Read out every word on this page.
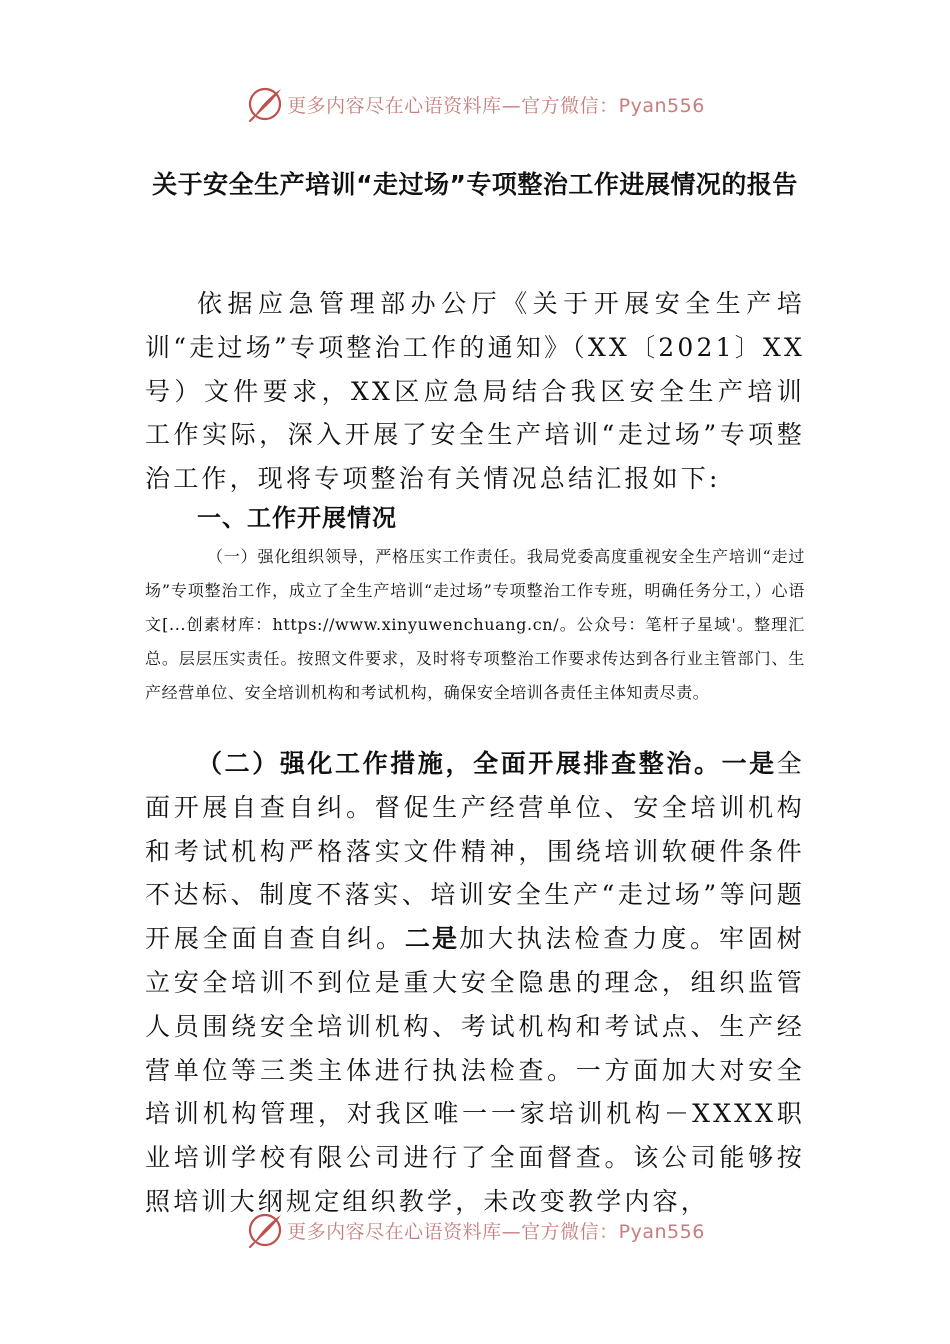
更多内容尽在心语资料库—官方微信：Pyan556
关于安全生产培训“走过场”专项整治工作进展情况的报告

依据应急管理部办公厅《关于开展安全生产培训“走过场”专项整治工作的通知》（XX〔2021〕XX号）文件要求，XX区应急局结合我区安全生产培训工作实际，深入开展了安全生产培训“走过场”专项整治工作，现将专项整治有关情况总结汇报如下:

一、工作开展情况

（一）强化组织领导，严格压实工作责任。我局党委高度重视安全生产培训“走过场”专项整治工作，成立了全生产培训“走过场”专项整治工作专班，明确任务分工，）心语文[...创素材库：https://www.xinyuwenchuang.cn/。公众号：笔杆子星域'。整理汇总。层层压实责任。按照文件要求，及时将专项整治工作要求传达到各行业主管部门、生产经营单位、安全培训机构和考试机构，确保安全培训各责任主体知责尽责。

（二）强化工作措施，全面开展排查整治。一是全面开展自查自纠。督促生产经营单位、安全培训机构和考试机构严格落实文件精神，围绕培训软硬件条件不达标、制度不落实、培训安全生产“走过场”等问题开展全面自查自纠。二是加大执法检查力度。牢固树立安全培训不到位是重大安全隐患的理念，组织监管人员围绕安全培训机构、考试机构和考试点、生产经营单位等三类主体进行执法检查。一方面加大对安全培训机构管理，对我区唯一一家培训机构－XXXX职业培训学校有限公司进行了全面督查。该公司能够按照培训大纲规定组织教学，未改变教学内容，

更多内容尽在心语资料库—官方微信：Pyan556
